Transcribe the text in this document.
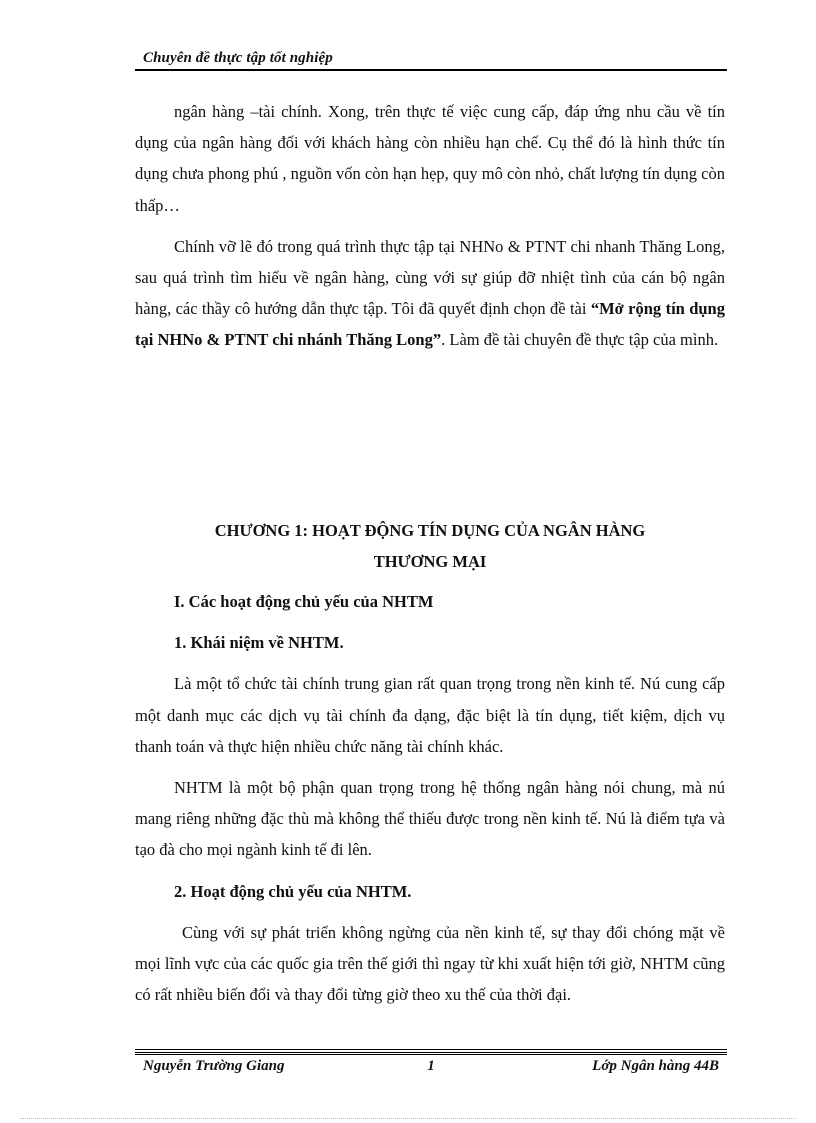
Chuyên đề thực tập tốt nghiệp

ngân hàng –tài chính. Xong, trên thực tế việc cung cấp, đáp ứng nhu cầu về tín dụng của ngân hàng đối với khách hàng còn nhiều hạn chế. Cụ thể đó là hình thức tín dụng chưa phong phú , nguồn vốn còn hạn hẹp, quy mô còn nhỏ, chất lượng tín dụng còn thấp…

Chính vỡ lẽ đó trong quá trình thực tập tại NHNo & PTNT chi nhanh Thăng Long, sau quá trình tìm hiểu về ngân hàng, cùng với sự giúp đỡ nhiệt tình của cán bộ ngân hàng, các thầy cô hướng dẫn thực tập. Tôi đã quyết định chọn đề tài “Mở rộng tín dụng tại NHNo & PTNT chi nhánh Thăng Long”. Làm đề tài chuyên đề thực tập của mình.

CHƯƠNG 1: HOẠT ĐỘNG TÍN DỤNG CỦA NGÂN HÀNG
THƯƠNG MẠI

I. Các hoạt động chủ yếu của NHTM

1. Khái niệm về NHTM.

Là một tổ chức tài chính trung gian rất quan trọng trong nền kinh tế. Nú cung cấp một danh mục các dịch vụ tài chính đa dạng, đặc biệt là tín dụng, tiết kiệm, dịch vụ thanh toán và thực hiện nhiều chức năng tài chính khác.

NHTM là một bộ phận quan trọng trong hệ thống ngân hàng nói chung, mà nú mang riêng những đặc thù mà không thể thiếu được trong nền kinh tế. Nú là điểm tựa và tạo đà cho mọi ngành kinh tế đi lên.

2. Hoạt động chủ yếu của NHTM.

Cùng với sự phát triển không ngừng của nền kinh tế, sự thay đổi chóng mặt về mọi lĩnh vực của các quốc gia trên thế giới thì ngay từ khi xuất hiện tới giờ, NHTM cũng có rất nhiều biến đổi và thay đổi từng giờ theo xu thế của thời đại.

Nguyễn Trường Giang	1	Lớp Ngân hàng 44B
